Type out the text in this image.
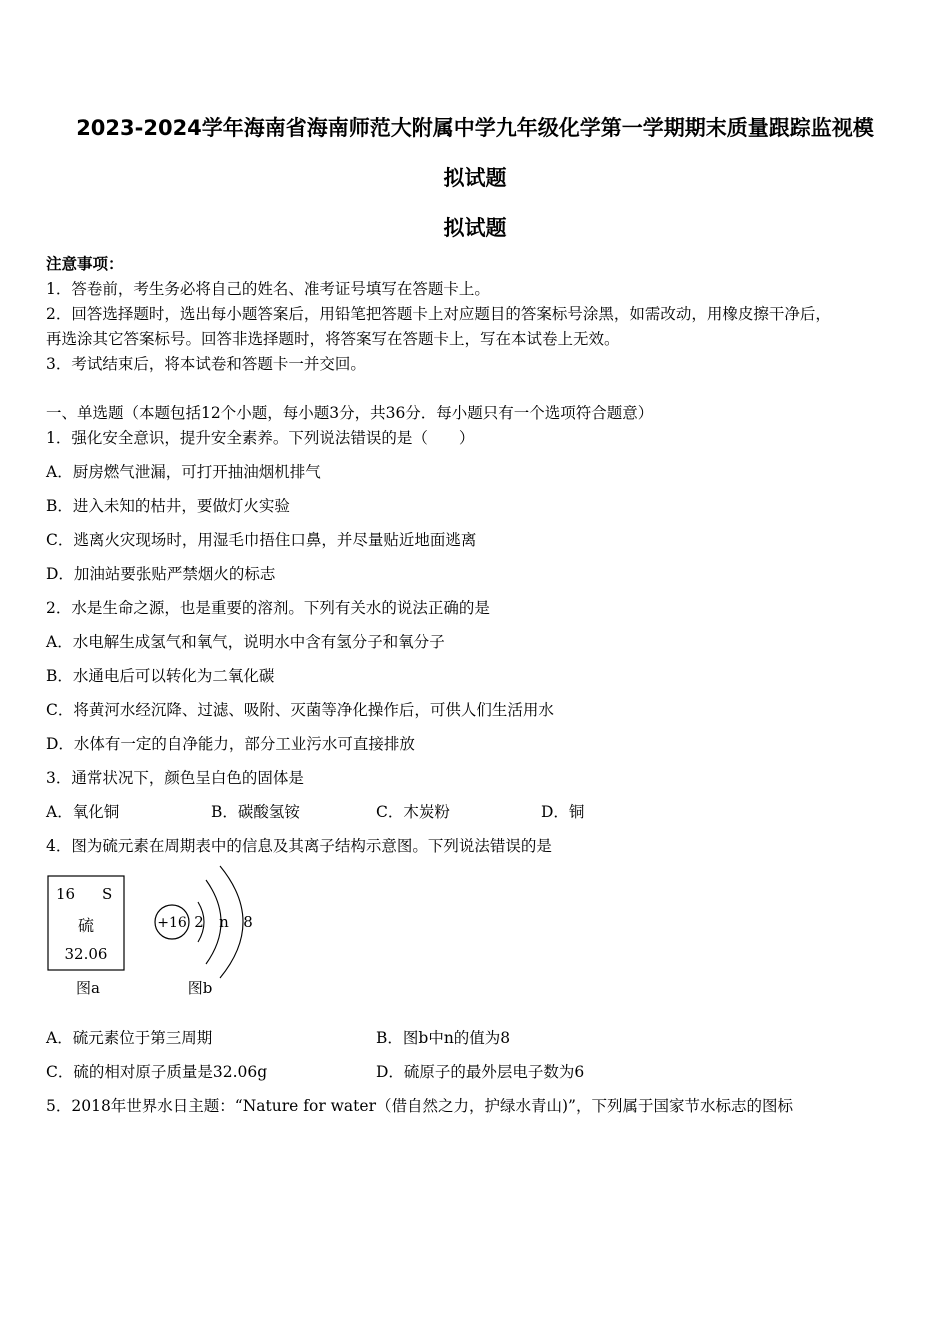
2023-2024学年海南省海南师范大附属中学九年级化学第一学期期末质量跟踪监视模
拟试题
拟试题
注意事项：
1．答卷前，考生务必将自己的姓名、准考证号填写在答题卡上。
2．回答选择题时，选出每小题答案后，用铅笔把答题卡上对应题目的答案标号涂黑，如需改动，用橡皮擦干净后，
再选涂其它答案标号。回答非选择题时，将答案写在答题卡上，写在本试卷上无效。
3．考试结束后，将本试卷和答题卡一并交回。
一、单选题（本题包括12个小题，每小题3分，共36分．每小题只有一个选项符合题意）
1．强化安全意识，提升安全素养。下列说法错误的是（　　）
A．厨房燃气泄漏，可打开抽油烟机排气
B．进入未知的枯井，要做灯火实验
C．逃离火灾现场时，用湿毛巾捂住口鼻，并尽量贴近地面逃离
D．加油站要张贴严禁烟火的标志
2．水是生命之源，也是重要的溶剂。下列有关水的说法正确的是
A．水电解生成氢气和氧气，说明水中含有氢分子和氧分子
B．水通电后可以转化为二氧化碳
C．将黄河水经沉降、过滤、吸附、灭菌等净化操作后，可供人们生活用水
D．水体有一定的自净能力，部分工业污水可直接排放
3．通常状况下，颜色呈白色的固体是
A．氧化铜	B．碳酸氢铵	C．木炭粉	D．铜
4．图为硫元素在周期表中的信息及其离子结构示意图。下列说法错误的是
16 S
硫
32.06
图a
+16 2 n 8
图b
A．硫元素位于第三周期	B．图b中n的值为8
C．硫的相对原子质量是32.06g	D．硫原子的最外层电子数为6
5．2018年世界水日主题：“Nature for water（借自然之力，护绿水青山)”，下列属于国家节水标志的图标
